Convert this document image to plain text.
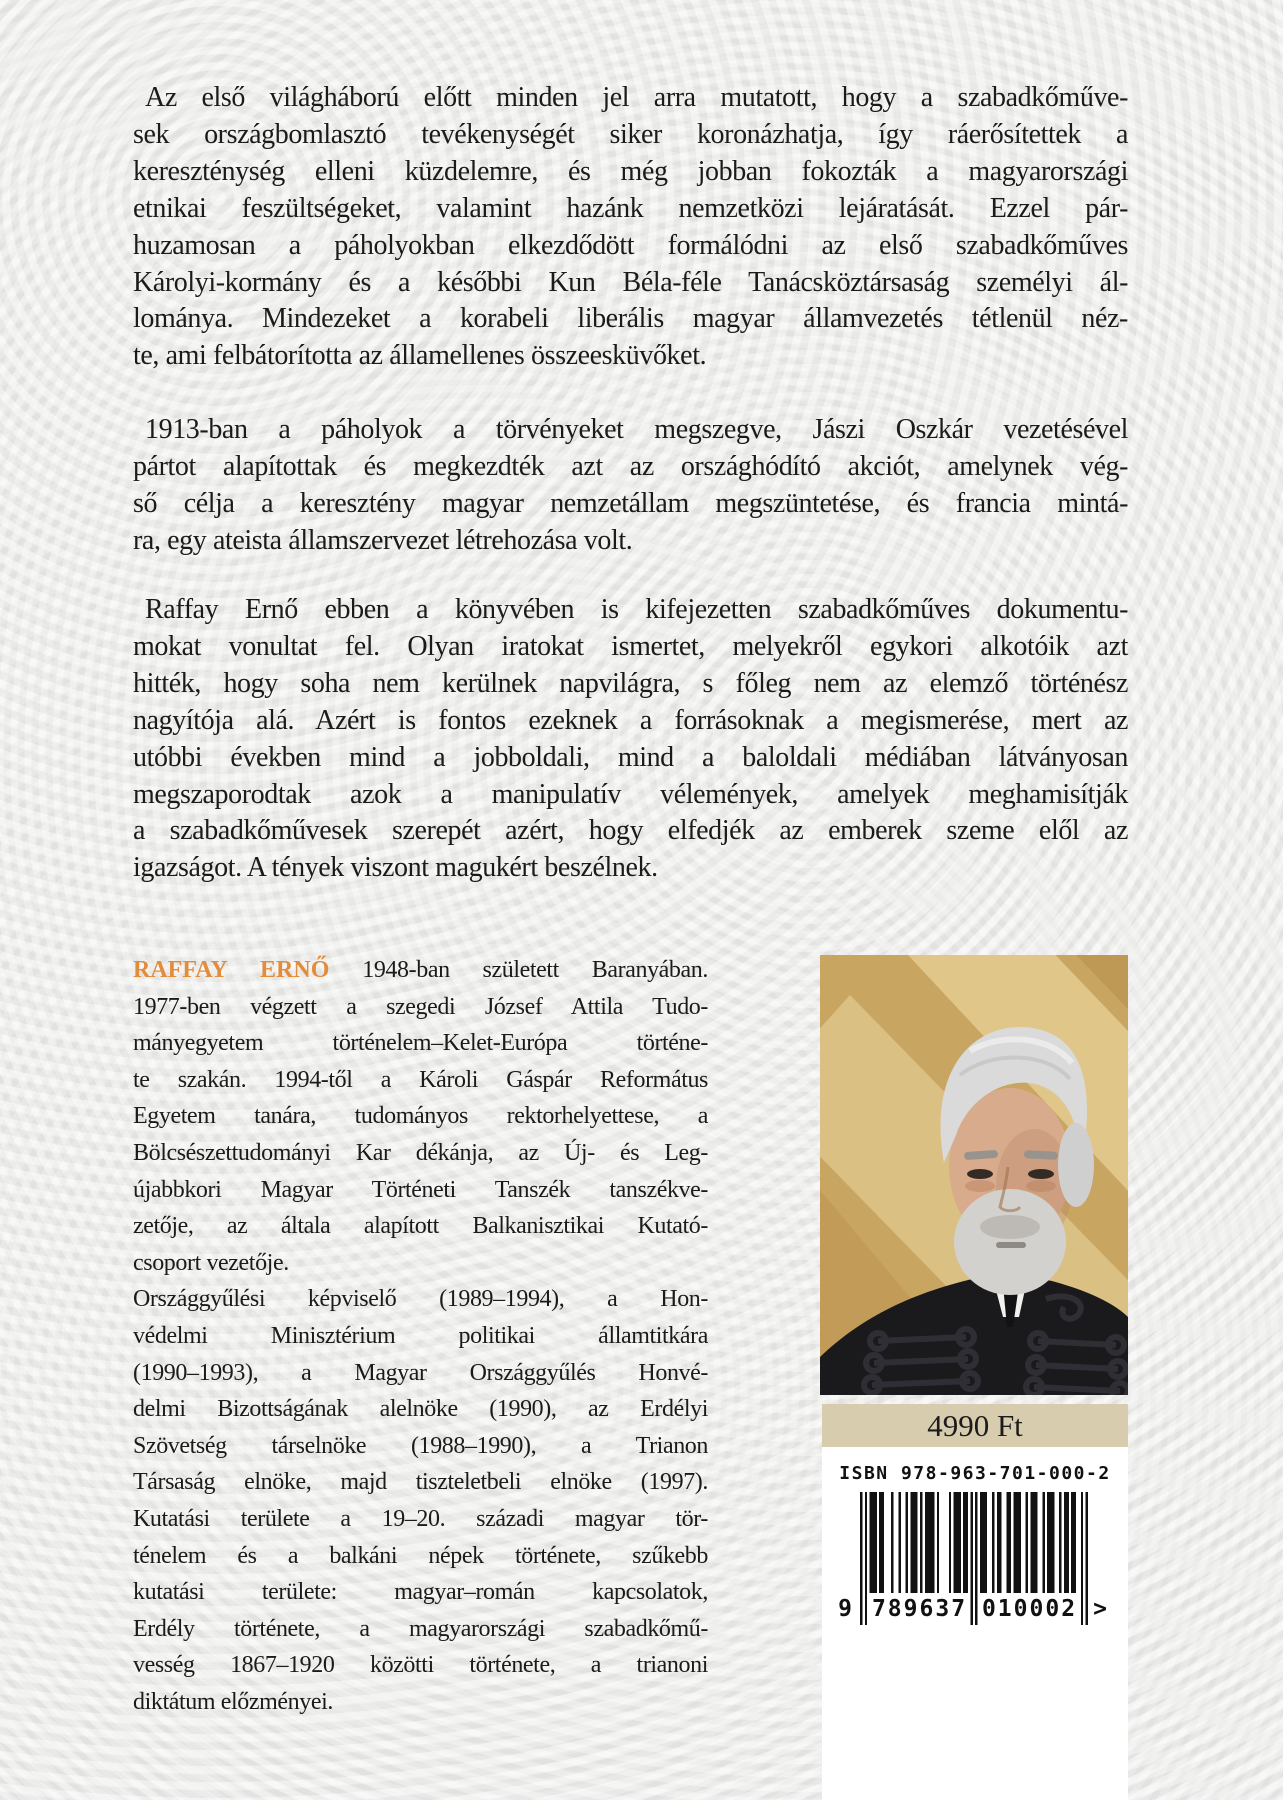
Az első világháború előtt minden jel arra mutatott, hogy a szabadkőműve-
sek országbomlasztó tevékenységét siker koronázhatja, így ráerősítettek a
kereszténység elleni küzdelemre, és még jobban fokozták a magyarországi
etnikai feszültségeket, valamint hazánk nemzetközi lejáratását. Ezzel pár-
huzamosan a páholyokban elkezdődött formálódni az első szabadkőműves
Károlyi-kormány és a későbbi Kun Béla-féle Tanácsköztársaság személyi ál-
lománya. Mindezeket a korabeli liberális magyar államvezetés tétlenül néz-
te, ami felbátorította az államellenes összeesküvőket.
1913-ban a páholyok a törvényeket megszegve, Jászi Oszkár vezetésével
pártot alapítottak és megkezdték azt az országhódító akciót, amelynek vég-
ső célja a keresztény magyar nemzetállam megszüntetése, és francia mintá-
ra, egy ateista államszervezet létrehozása volt.
Raffay Ernő ebben a könyvében is kifejezetten szabadkőműves dokumentu-
mokat vonultat fel. Olyan iratokat ismertet, melyekről egykori alkotóik azt
hitték, hogy soha nem kerülnek napvilágra, s főleg nem az elemző történész
nagyítója alá. Azért is fontos ezeknek a forrásoknak a megismerése, mert az
utóbbi években mind a jobboldali, mind a baloldali médiában látványosan
megszaporodtak azok a manipulatív vélemények, amelyek meghamisítják
a szabadkőművesek szerepét azért, hogy elfedjék az emberek szeme elől az
igazságot. A tények viszont magukért beszélnek.
RAFFAY ERNŐ 1948-ban született Baranyában.
1977-ben végzett a szegedi József Attila Tudo-
mányegyetem történelem–Kelet-Európa történe-
te szakán. 1994-től a Károli Gáspár Református
Egyetem tanára, tudományos rektorhelyettese, a
Bölcsészettudományi Kar dékánja, az Új- és Leg-
újabbkori Magyar Történeti Tanszék tanszékve-
zetője, az általa alapított Balkanisztikai Kutató-
csoport vezetője.
Országgyűlési képviselő (1989–1994), a Hon-
védelmi Minisztérium politikai államtitkára
(1990–1993), a Magyar Országgyűlés Honvé-
delmi Bizottságának alelnöke (1990), az Erdélyi
Szövetség társelnöke (1988–1990), a Trianon
Társaság elnöke, majd tiszteletbeli elnöke (1997).
Kutatási területe a 19–20. századi magyar tör-
ténelem és a balkáni népek története, szűkebb
kutatási területe: magyar–román kapcsolatok,
Erdély története, a magyarországi szabadkőmű-
vesség 1867–1920 közötti története, a trianoni
diktátum előzményei.
4990 Ft
ISBN 978-963-701-000-2
9 789637 010002 >
